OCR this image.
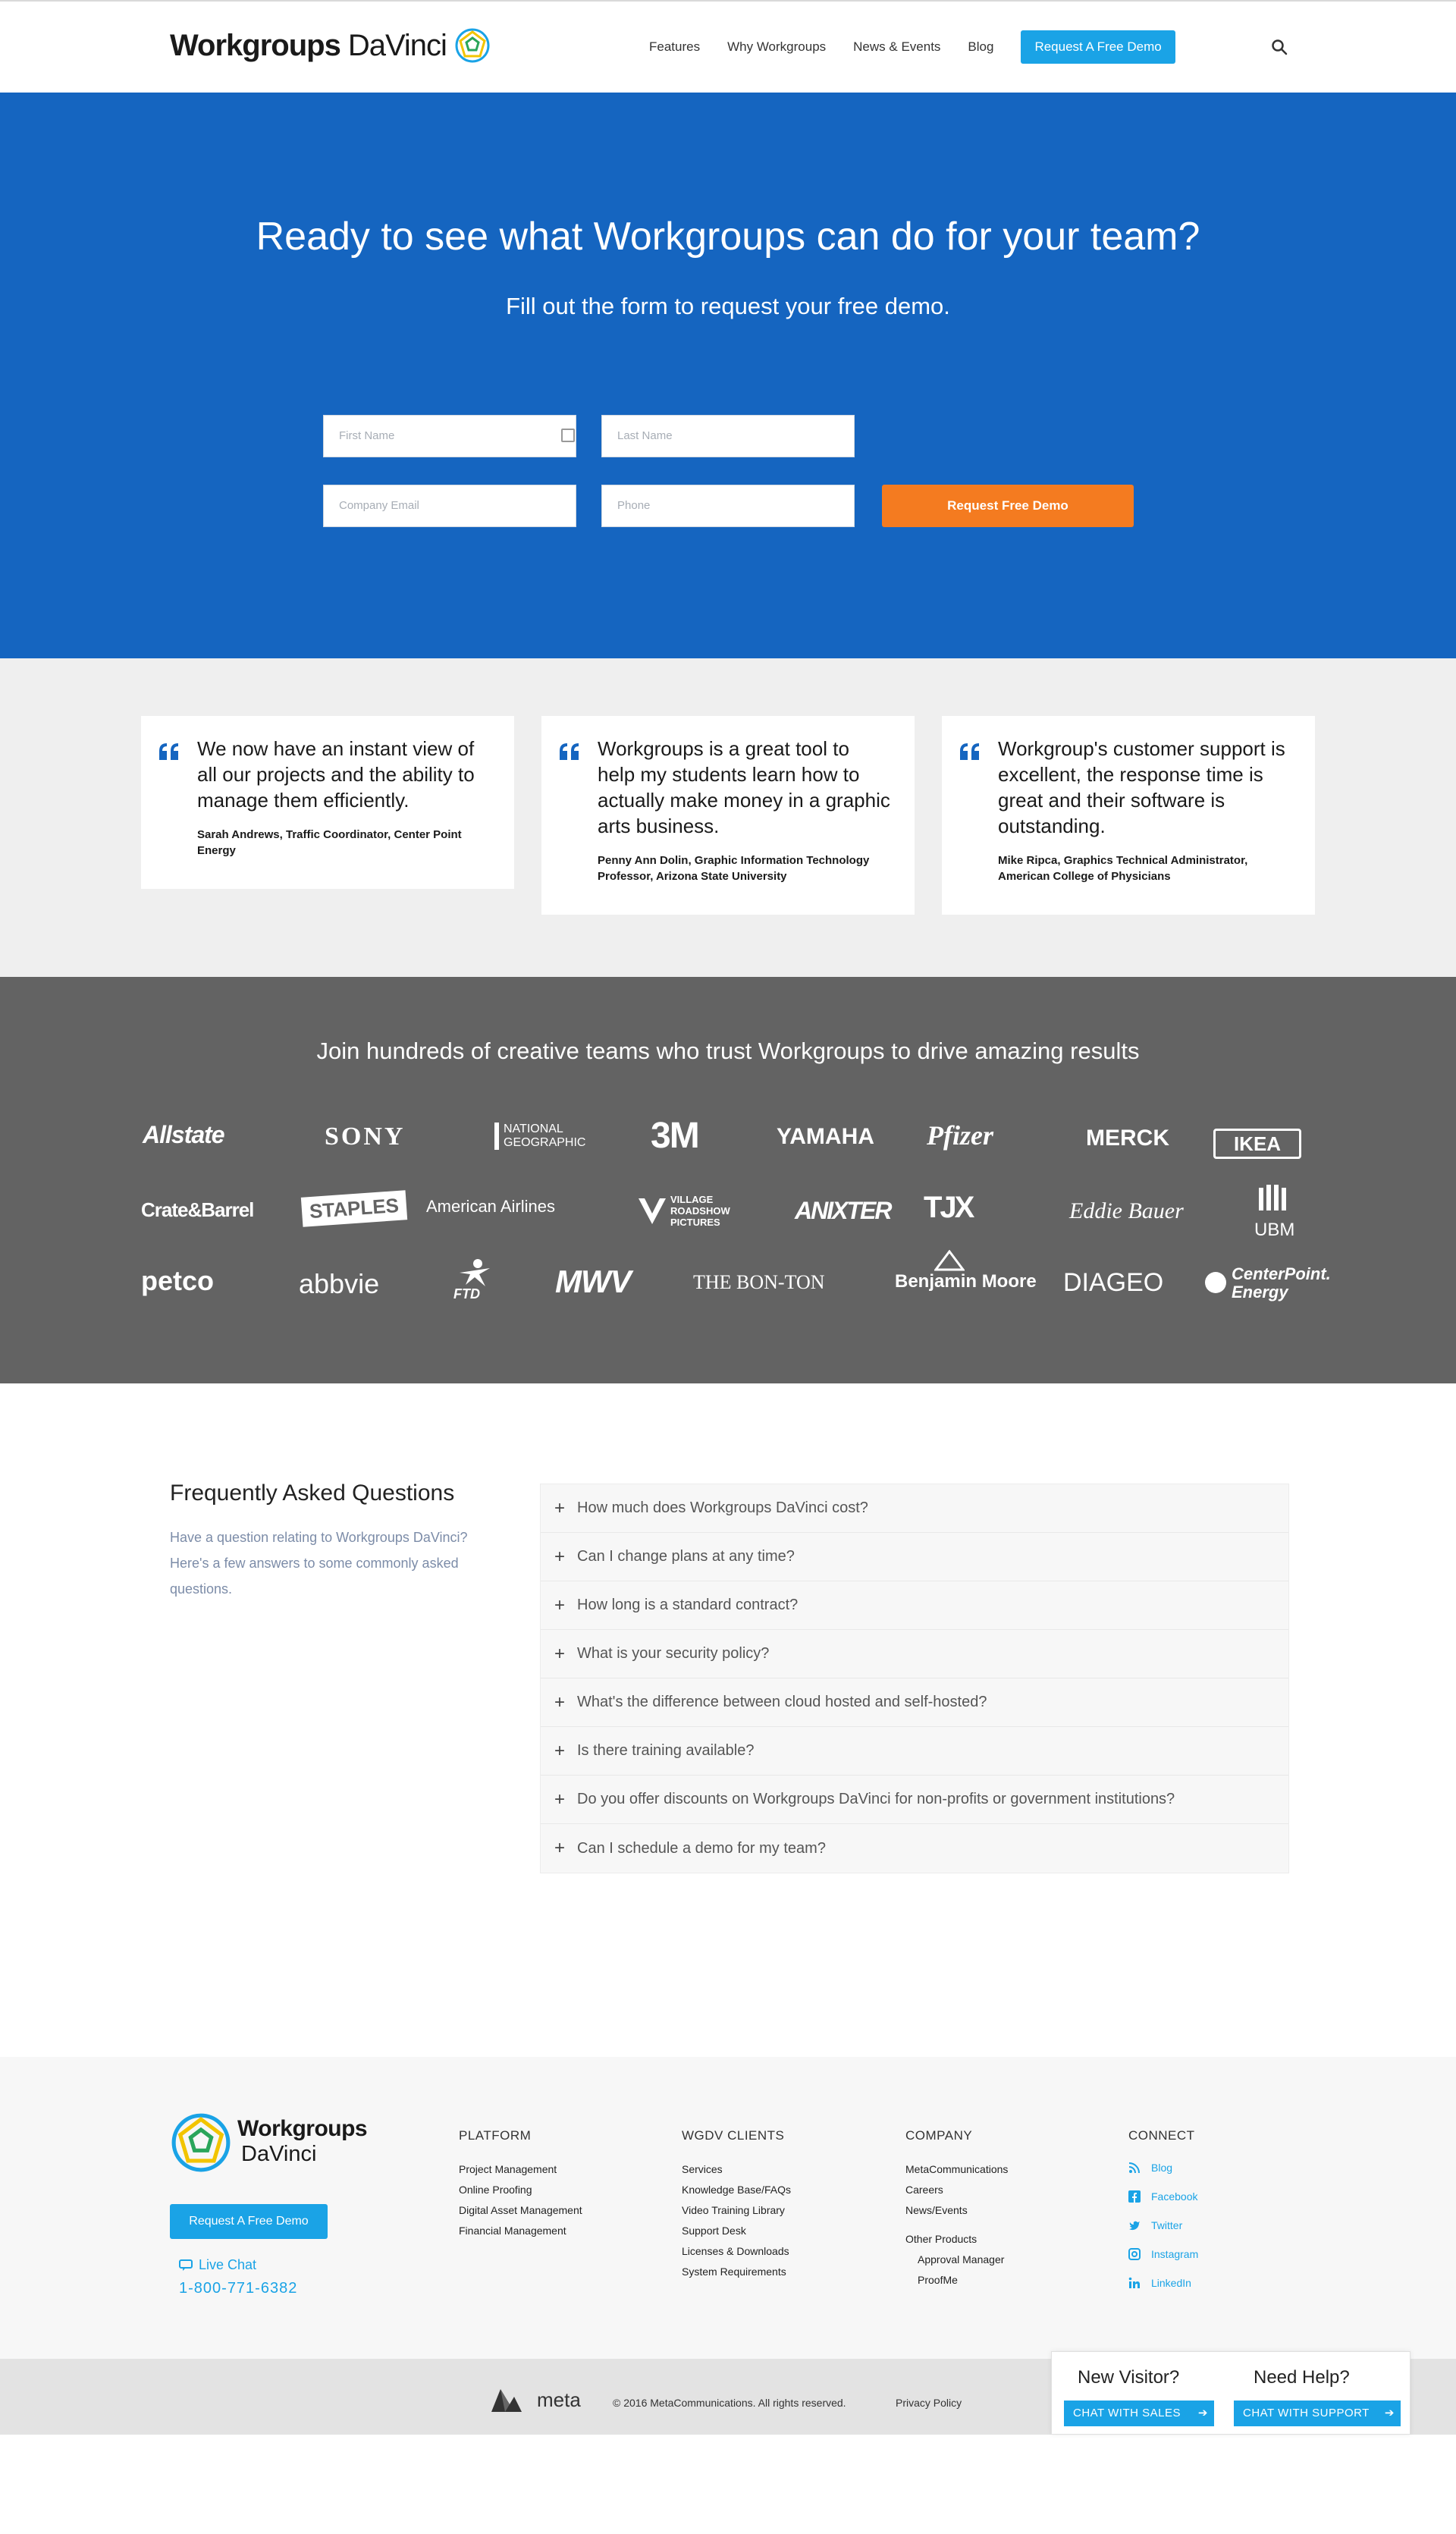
Workgroups DaVinci	Features Why Workgroups News & Events Blog	Request A Free Demo
Ready to see what Workgroups can do for your team?
Fill out the form to request your free demo.
First Name	Last Name
Company Email	Phone	Request Free Demo
We now have an instant view of all our projects and the ability to manage them efficiently.
Sarah Andrews, Traffic Coordinator, Center Point Energy
Workgroups is a great tool to help my students learn how to actually make money in a graphic arts business.
Penny Ann Dolin, Graphic Information Technology Professor, Arizona State University
Workgroup's customer support is excellent, the response time is great and their software is outstanding.
Mike Ripca, Graphics Technical Administrator, American College of Physicians
Join hundreds of creative teams who trust Workgroups to drive amazing results
Allstate	SONY	NATIONAL GEOGRAPHIC	3M	YAMAHA Pfizer	MERCK	IKEA
Crate&Barrel	STAPLES	American Airlines	VILLAGE ROADSHOW PICTURES	ANIXTER TJX	Eddie Bauer
UBM
petco	abbvie	FTD MWV	THE BON-TON	Benjamin Moore DIAGEO	CenterPoint. Energy
Frequently Asked Questions
Have a question relating to Workgroups DaVinci? Here's a few answers to some commonly asked questions.
+ How much does Workgroups DaVinci cost?
+ Can I change plans at any time?
+ How long is a standard contract?
+ What is your security policy?
+ What's the difference between cloud hosted and self-hosted?
+ Is there training available?
+ Do you offer discounts on Workgroups DaVinci for non-profits or government institutions?
+ Can I schedule a demo for my team?
Workgroups
DaVinci
Request A Free Demo
Live Chat
1-800-771-6382
PLATFORM
Project Management
Online Proofing
Digital Asset Management
Financial Management
WGDV CLIENTS
Services
Knowledge Base/FAQs
Video Training Library
Support Desk
Licenses & Downloads
System Requirements
COMPANY
MetaCommunications
Careers
News/Events
Other Products
Approval Manager
ProofMe
CONNECT
Blog
Facebook
Twitter
Instagram
LinkedIn
meta	© 2016 MetaCommunications. All rights reserved.	Privacy Policy
New Visitor?	Need Help?
CHAT WITH SALES ➔	CHAT WITH SUPPORT ➔
